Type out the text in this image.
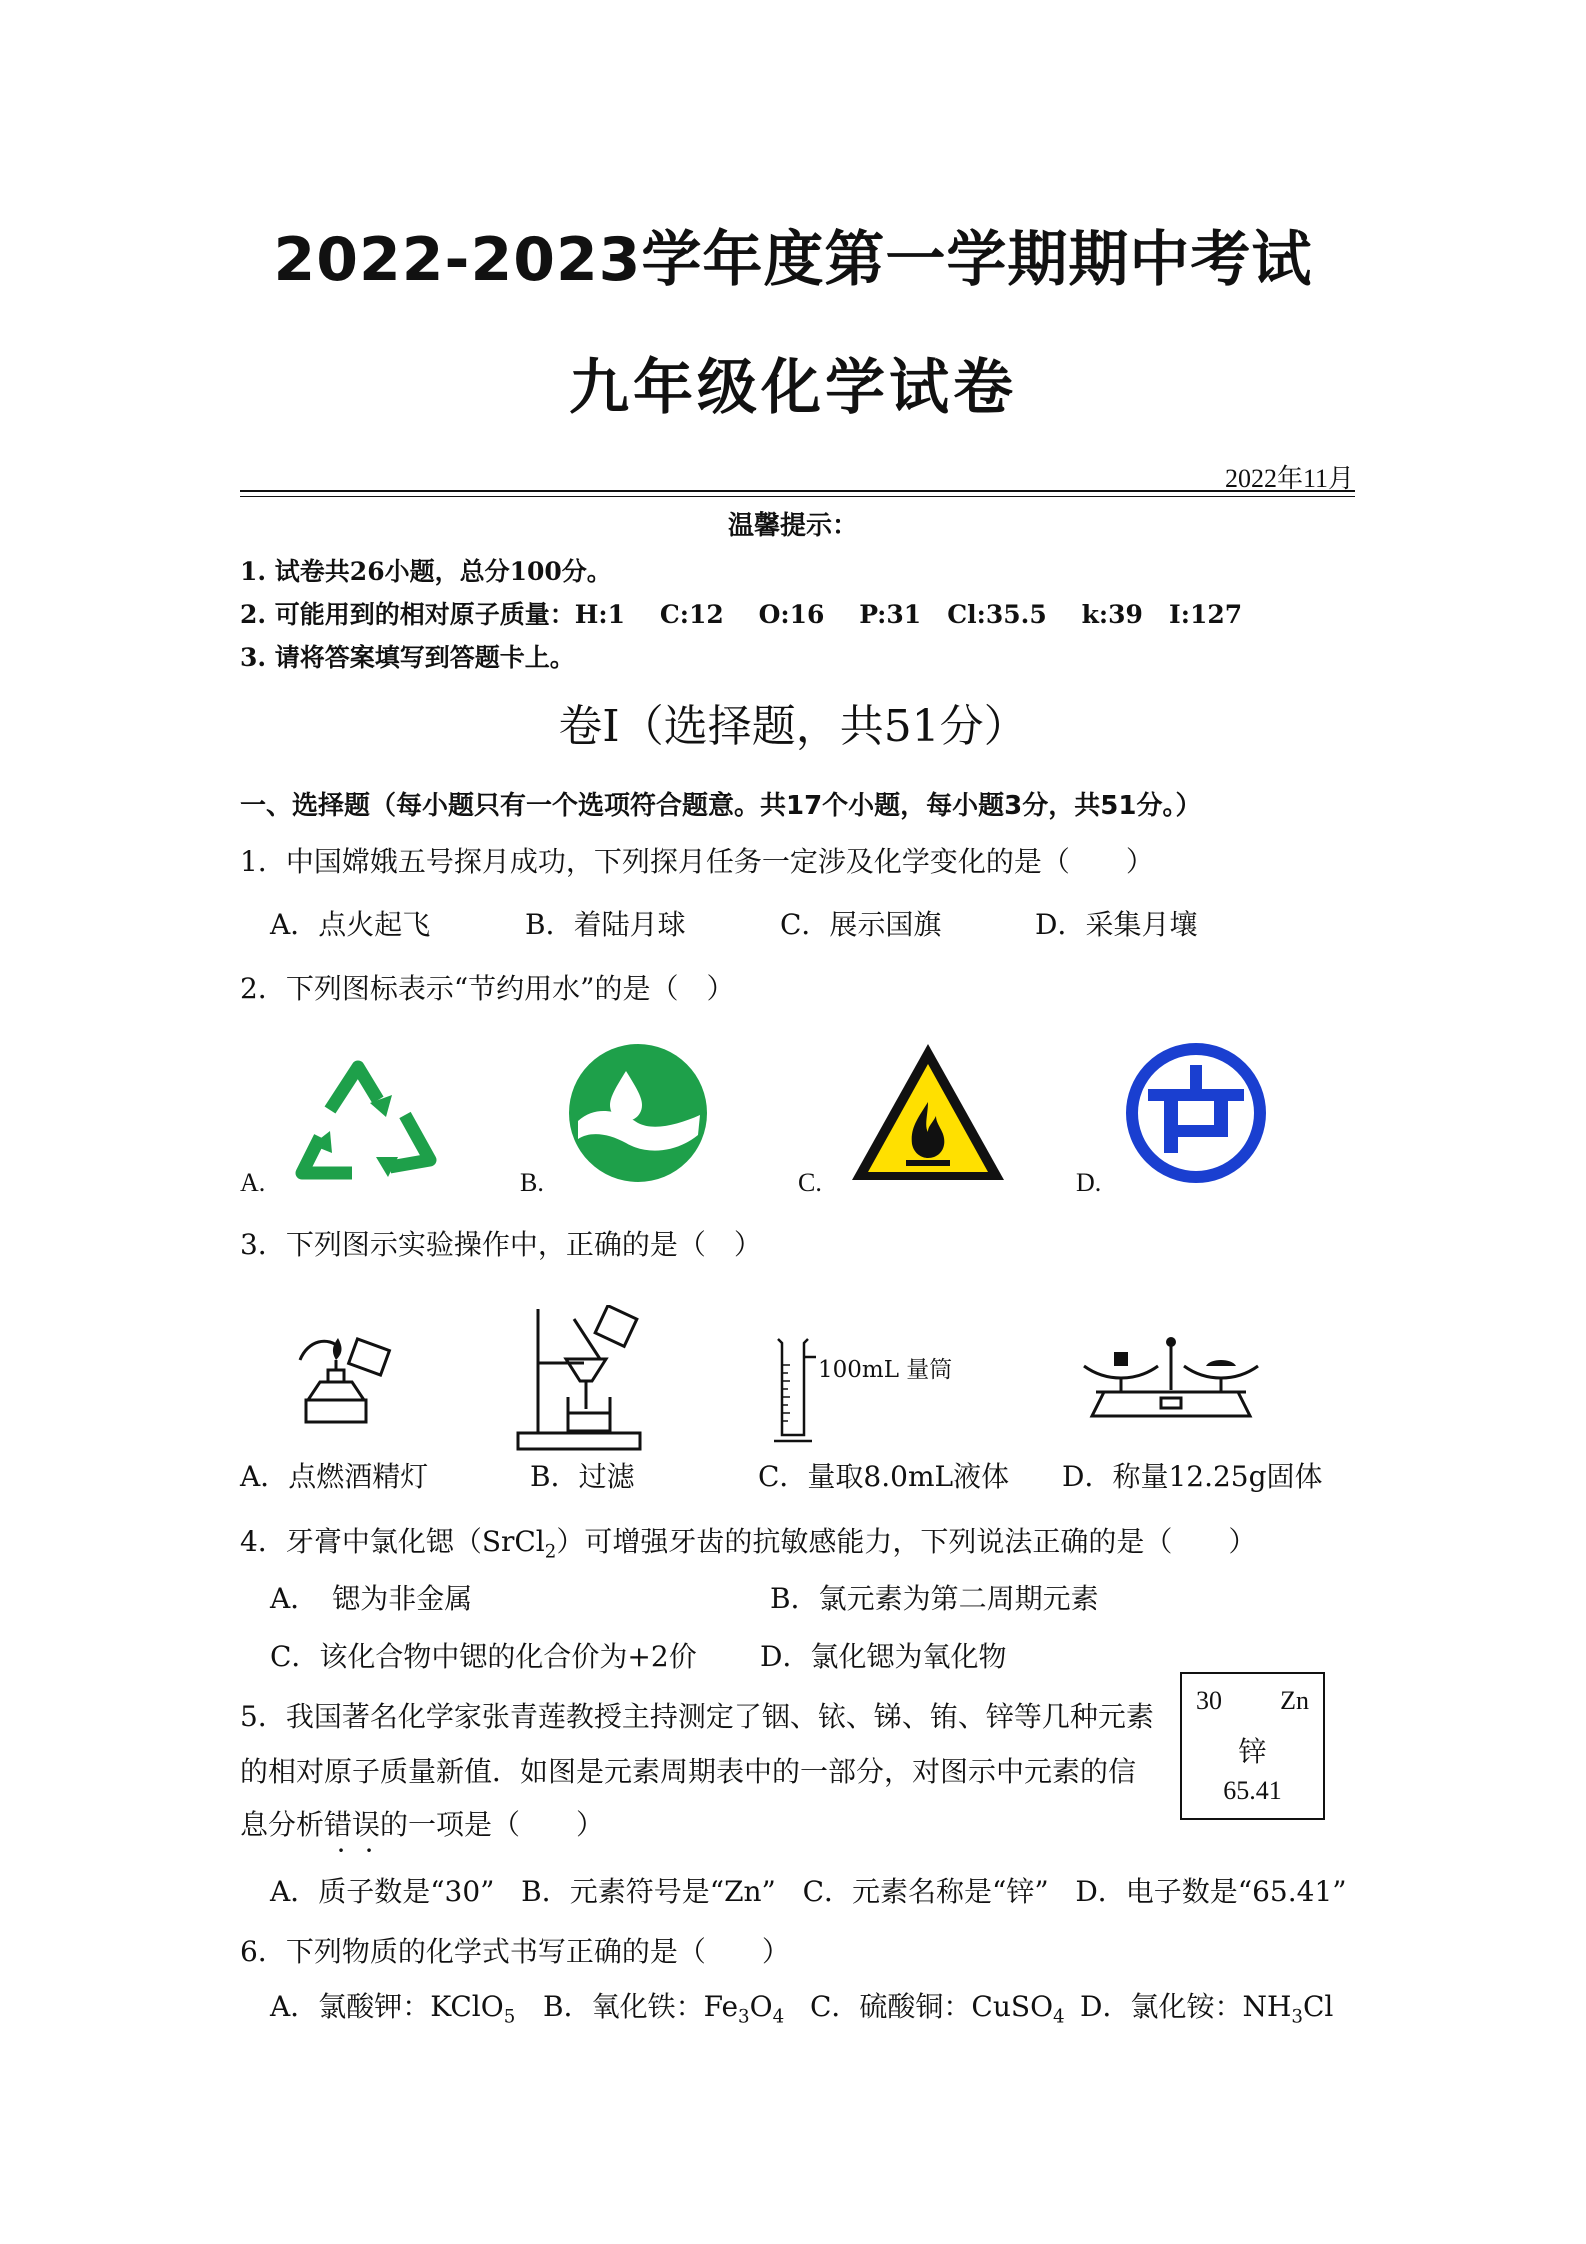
2022-2023学年度第一学期期中考试
九年级化学试卷
2022年11月
温馨提示：
1. 试卷共26小题，总分100分。
2. 可能用到的相对原子质量：H:1    C:12    O:16    P:31   Cl:35.5    k:39   I:127
3. 请将答案填写到答题卡上。
卷Ⅰ（选择题，共51分）
一、选择题（每小题只有一个选项符合题意。共17个小题，每小题3分，共51分。）
1．中国嫦娥五号探月成功，下列探月任务一定涉及化学变化的是（　　）
A．点火起飞	B．着陆月球	C．展示国旗	D．采集月壤
2．下列图标表示“节约用水”的是（　）
A.	B.	C.	D.
3．下列图示实验操作中，正确的是（　）
A．点燃酒精灯	B．过滤
100mL 量筒
C．量取8.0mL液体 D．称量12.25g固体
4．牙膏中氯化锶（SrCl$_2$）可增强牙齿的抗敏感能力，下列说法正确的是（　　）
A．　锶为非金属	B．氯元素为第二周期元素
C．该化合物中锶的化合价为+2价 D．氯化锶为氧化物
5．我国著名化学家张青莲教授主持测定了铟、铱、锑、铕、锌等几种元素
的相对原子质量新值．如图是元素周期表中的一部分，对图示中元素的信
息分析错误的一项是（　　）
A．质子数是“30”   B．元素符号是“Zn”   C．元素名称是“锌”   D．电子数是“65.41”
30 Zn
锌
65.41
6．下列物质的化学式书写正确的是（　　）
A．氯酸钾：KClO$_5$ B．氧化铁：$Fe_3O_4$ C．硫酸铜：CuSO$_4$ D．氯化铵：$NH_3Cl$
